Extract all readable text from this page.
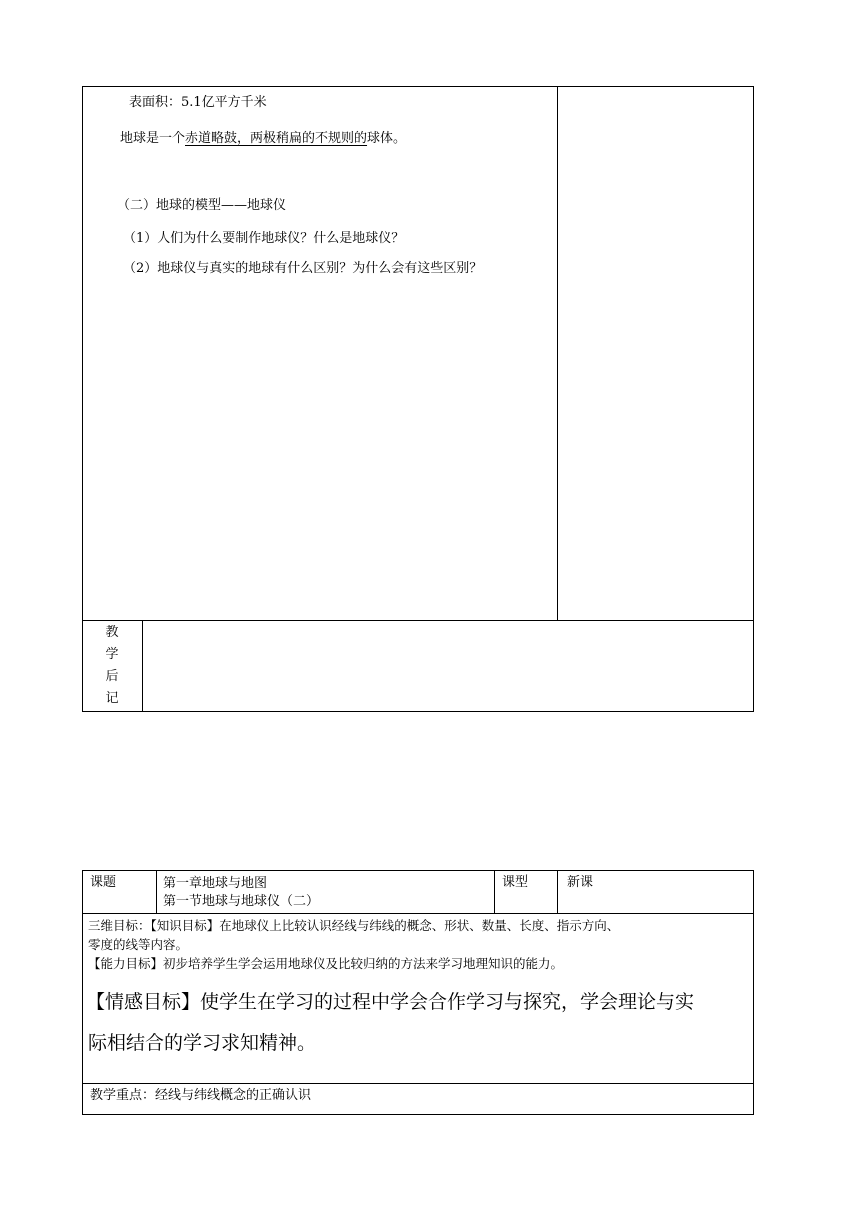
表面积：5.1亿平方千米
地球是一个赤道略鼓，两极稍扁的不规则的球体。
（二）地球的模型——地球仪
（1）人们为什么要制作地球仪？什么是地球仪？
（2）地球仪与真实的地球有什么区别？为什么会有这些区别？
教
学
后
记
课题	第一章地球与地图
第一节地球与地球仪（二）
课型	新课
三维目标：【知识目标】在地球仪上比较认识经线与纬线的概念、形状、数量、长度、指示方向、
零度的线等内容。
【能力目标】初步培养学生学会运用地球仪及比较归纳的方法来学习地理知识的能力。
【情感目标】使学生在学习的过程中学会合作学习与探究，学会理论与实
际相结合的学习求知精神。
教学重点：经线与纬线概念的正确认识
